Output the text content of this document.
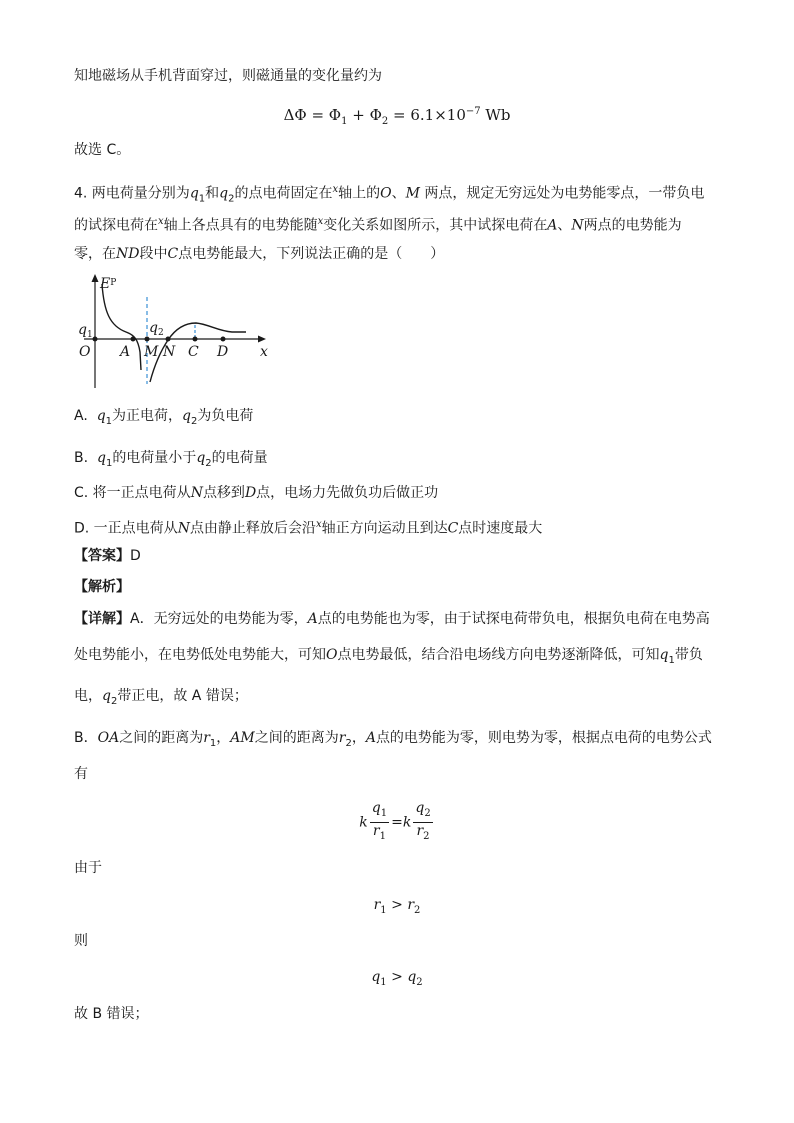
知地磁场从手机背面穿过，则磁通量的变化量约为
$\Delta\Phi = \Phi_1 + \Phi_2 = 6.1\times 10^{-7}$ Wb
故选 C。
4. 两电荷量分别为$q_1$和$q_2$的点电荷固定在$^x$轴上的O、M 两点，规定无穷远处为电势能零点，一带负电
的试探电荷在$^x$轴上各点具有的电势能随$^x$变化关系如图所示，其中试探电荷在A、N两点的电势能为
零，在ND段中C点电势能最大，下列说法正确的是（　　）
$E^P$
x
$q_1$	$q_2$
O A M N C D
A. $q_1$为正电荷，$q_2$为负电荷
B. $q_1$的电荷量小于$q_2$的电荷量
C. 将一正点电荷从N点移到D点，电场力先做负功后做正功
D. 一正点电荷从N点由静止释放后会沿$^x$轴正方向运动且到达C点时速度最大
【答案】D
【解析】
【详解】A．无穷远处的电势能为零，A点的电势能也为零，由于试探电荷带负电，根据负电荷在电势高
处电势能小，在电势低处电势能大，可知O点电势最低，结合沿电场线方向电势逐渐降低，可知$q_1$带负
电，$q_2$带正电，故 A 错误；
B．OA之间的距离为$r_1$，AM之间的距离为$r_2$，A点的电势能为零，则电势为零，根据点电荷的电势公式
有
k $\frac{q_1}{r_1} =k \frac{q_2}{r_2}$
由于
$r_1 > r_2$
则
$q_1 > q_2$
故 B 错误；
